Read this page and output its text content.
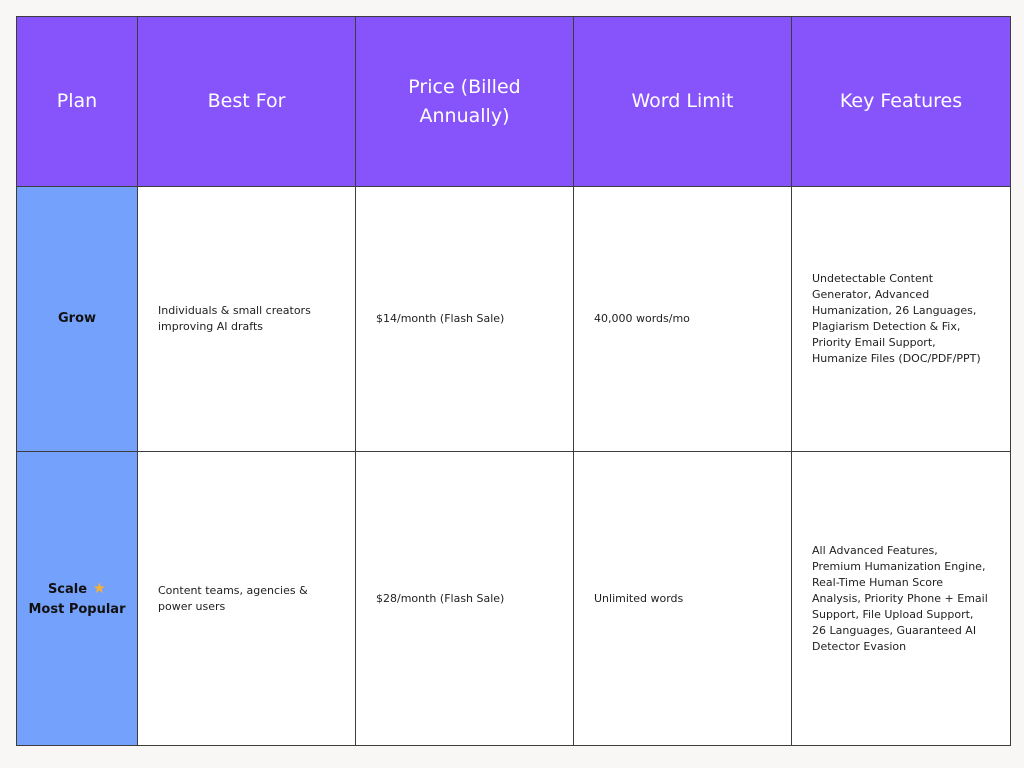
Plan	Best For	Price (Billed Annually)	Word Limit	Key Features

Grow	Individuals & small creators improving AI drafts	$14/month (Flash Sale)	40,000 words/mo	Undetectable Content Generator, Advanced Humanization, 26 Languages, Plagiarism Detection & Fix, Priority Email Support, Humanize Files (DOC/PDF/PPT)

Scale ★
Most Popular	Content teams, agencies & power users	$28/month (Flash Sale)	Unlimited words	All Advanced Features, Premium Humanization Engine, Real-Time Human Score Analysis, Priority Phone + Email Support, File Upload Support, 26 Languages, Guaranteed AI Detector Evasion
